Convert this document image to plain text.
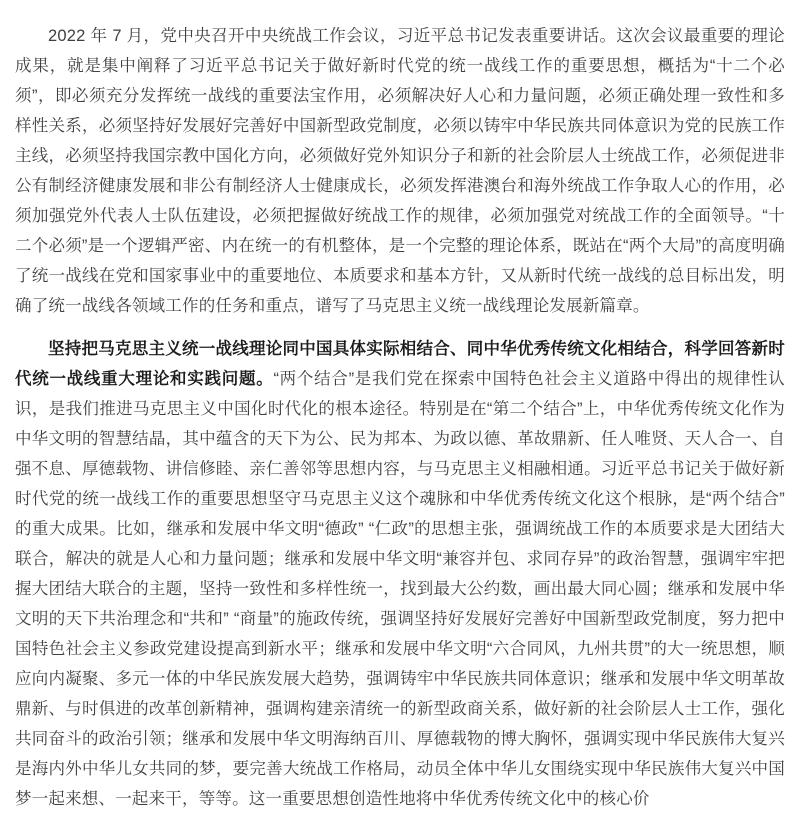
2022 年 7 月，党中央召开中央统战工作会议，习近平总书记发表重要讲话。这次会议最重要的理论成果，就是集中阐释了习近平总书记关于做好新时代党的统一战线工作的重要思想，概括为“十二个必须”，即必须充分发挥统一战线的重要法宝作用，必须解决好人心和力量问题，必须正确处理一致性和多样性关系，必须坚持好发展好完善好中国新型政党制度，必须以铸牢中华民族共同体意识为党的民族工作主线，必须坚持我国宗教中国化方向，必须做好党外知识分子和新的社会阶层人士统战工作，必须促进非公有制经济健康发展和非公有制经济人士健康成长，必须发挥港澳台和海外统战工作争取人心的作用，必须加强党外代表人士队伍建设，必须把握做好统战工作的规律，必须加强党对统战工作的全面领导。“十二个必须”是一个逻辑严密、内在统一的有机整体，是一个完整的理论体系，既站在“两个大局”的高度明确了统一战线在党和国家事业中的重要地位、本质要求和基本方针，又从新时代统一战线的总目标出发，明确了统一战线各领域工作的任务和重点，谱写了马克思主义统一战线理论发展新篇章。

坚持把马克思主义统一战线理论同中国具体实际相结合、同中华优秀传统文化相结合，科学回答新时代统一战线重大理论和实践问题。“两个结合”是我们党在探索中国特色社会主义道路中得出的规律性认识，是我们推进马克思主义中国化时代化的根本途径。特别是在“第二个结合”上，中华优秀传统文化作为中华文明的智慧结晶，其中蕴含的天下为公、民为邦本、为政以德、革故鼎新、任人唯贤、天人合一、自强不息、厚德载物、讲信修睦、亲仁善邻等思想内容，与马克思主义相融相通。习近平总书记关于做好新时代党的统一战线工作的重要思想坚守马克思主义这个魂脉和中华优秀传统文化这个根脉，是“两个结合”的重大成果。比如，继承和发展中华文明“德政” “仁政”的思想主张，强调统战工作的本质要求是大团结大联合，解决的就是人心和力量问题；继承和发展中华文明“兼容并包、求同存异”的政治智慧，强调牢牢把握大团结大联合的主题，坚持一致性和多样性统一，找到最大公约数，画出最大同心圆；继承和发展中华文明的天下共治理念和“共和” “商量”的施政传统，强调坚持好发展好完善好中国新型政党制度，努力把中国特色社会主义参政党建设提高到新水平；继承和发展中华文明“六合同风，九州共贯”的大一统思想，顺应向内凝聚、多元一体的中华民族发展大趋势，强调铸牢中华民族共同体意识；继承和发展中华文明革故鼎新、与时俱进的改革创新精神，强调构建亲清统一的新型政商关系，做好新的社会阶层人士工作，强化共同奋斗的政治引领；继承和发展中华文明海纳百川、厚德载物的博大胸怀，强调实现中华民族伟大复兴是海内外中华儿女共同的梦，要完善大统战工作格局，动员全体中华儿女围绕实现中华民族伟大复兴中国梦一起来想、一起来干，等等。这一重要思想创造性地将中华优秀传统文化中的核心价
